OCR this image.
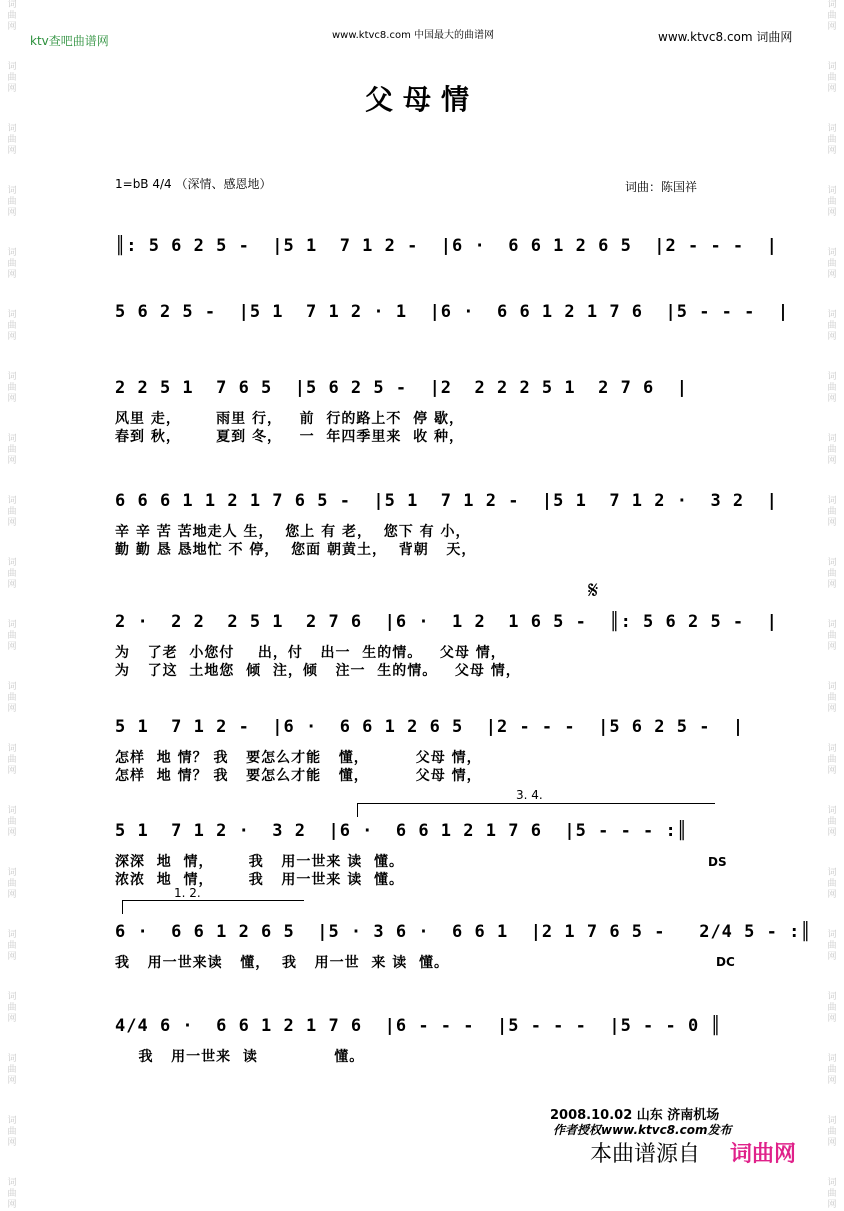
词
曲
网
词
曲
网
词
曲
网
词
曲
网
词
曲
网
词
曲
网
词
曲
网
词
曲
网
词
曲
网
词
曲
网
词
曲
网
词
曲
网
词
曲
网
词
曲
网
词
曲
网
词
曲
网
词
曲
网
词
曲
网
词
曲
网
词
曲
网
词
曲
网
词
曲
网
词
曲
网
词
曲
网
词
曲
网
词
曲
网
词
曲
网
词
曲
网
词
曲
网
词
曲
网
词
曲
网
词
曲
网
词
曲
网
词
曲
网
词
曲
网
词
曲
网
词
曲
网
词
曲
网
词
曲
网
词
曲
网
ktv查吧曲谱网	www.ktvc8.com 中国最大的曲谱网	www.ktvc8.com 词曲网
父母情
1=bB 4/4 （深情、感恩地）	词曲：陈国祥
║: 5 6 2 5 -  |5 1  7 1 2 -  |6 ·  6 6 1 2 6 5  |2 - - -  |
5 6 2 5 -  |5 1  7 1 2 · 1  |6 ·  6 6 1 2 1 7 6  |5 - - -  |
2 2 5 1  7 6 5  |5 6 2 5 -  |2  2 2 2 5 1  2 7 6  |
风里 走，      雨里 行，   前  行的路上不  停 歇，
春到 秋，      夏到 冬，   一  年四季里来  收 种，
6 6 6 1 1 2 1 7 6 5 -  |5 1  7 1 2 -  |5 1  7 1 2 ·  3 2  |
辛 辛 苦 苦地走人 生，  您上 有 老，  您下 有 小，
勤 勤 恳 恳地忙 不 停，  您面 朝黄土，  背朝   天，
2 ·  2 2  2 5 1  2 7 6  |6 ·  1 2  1 6 5 -  ║: 5 6 2 5 -  |
为   了老  小您付    出，付   出一  生的情。   父母 情，
为   了这  土地您  倾  注，倾   注一  生的情。   父母 情，
5 1  7 1 2 -  |6 ·  6 6 1 2 6 5  |2 - - -  |5 6 2 5 -  |
怎样  地 情？ 我   要怎么才能   懂，        父母 情，
怎样  地 情？ 我   要怎么才能   懂，        父母 情，
5 1  7 1 2 ·  3 2  |6 ·  6 6 1 2 1 7 6  |5 - - - :║
深深  地  情，      我   用一世来 读  懂。
浓浓  地  情，      我   用一世来 读  懂。
6 ·  6 6 1 2 6 5  |5 · 3 6 ·  6 6 1  |2 1 7 6 5 -   2/4 5 - :║
我   用一世来读   懂，  我   用一世  来 读  懂。
4/4 6 ·  6 6 1 2 1 7 6  |6 - - -  |5 - - -  |5 - - 0 ║
我   用一世来  读             懂。
𝄋
3. 4.
1. 2.
DS
DC
2008.10.02 山东 济南机场
作者授权www.ktvc8.com发布
本曲谱源自 词曲网
